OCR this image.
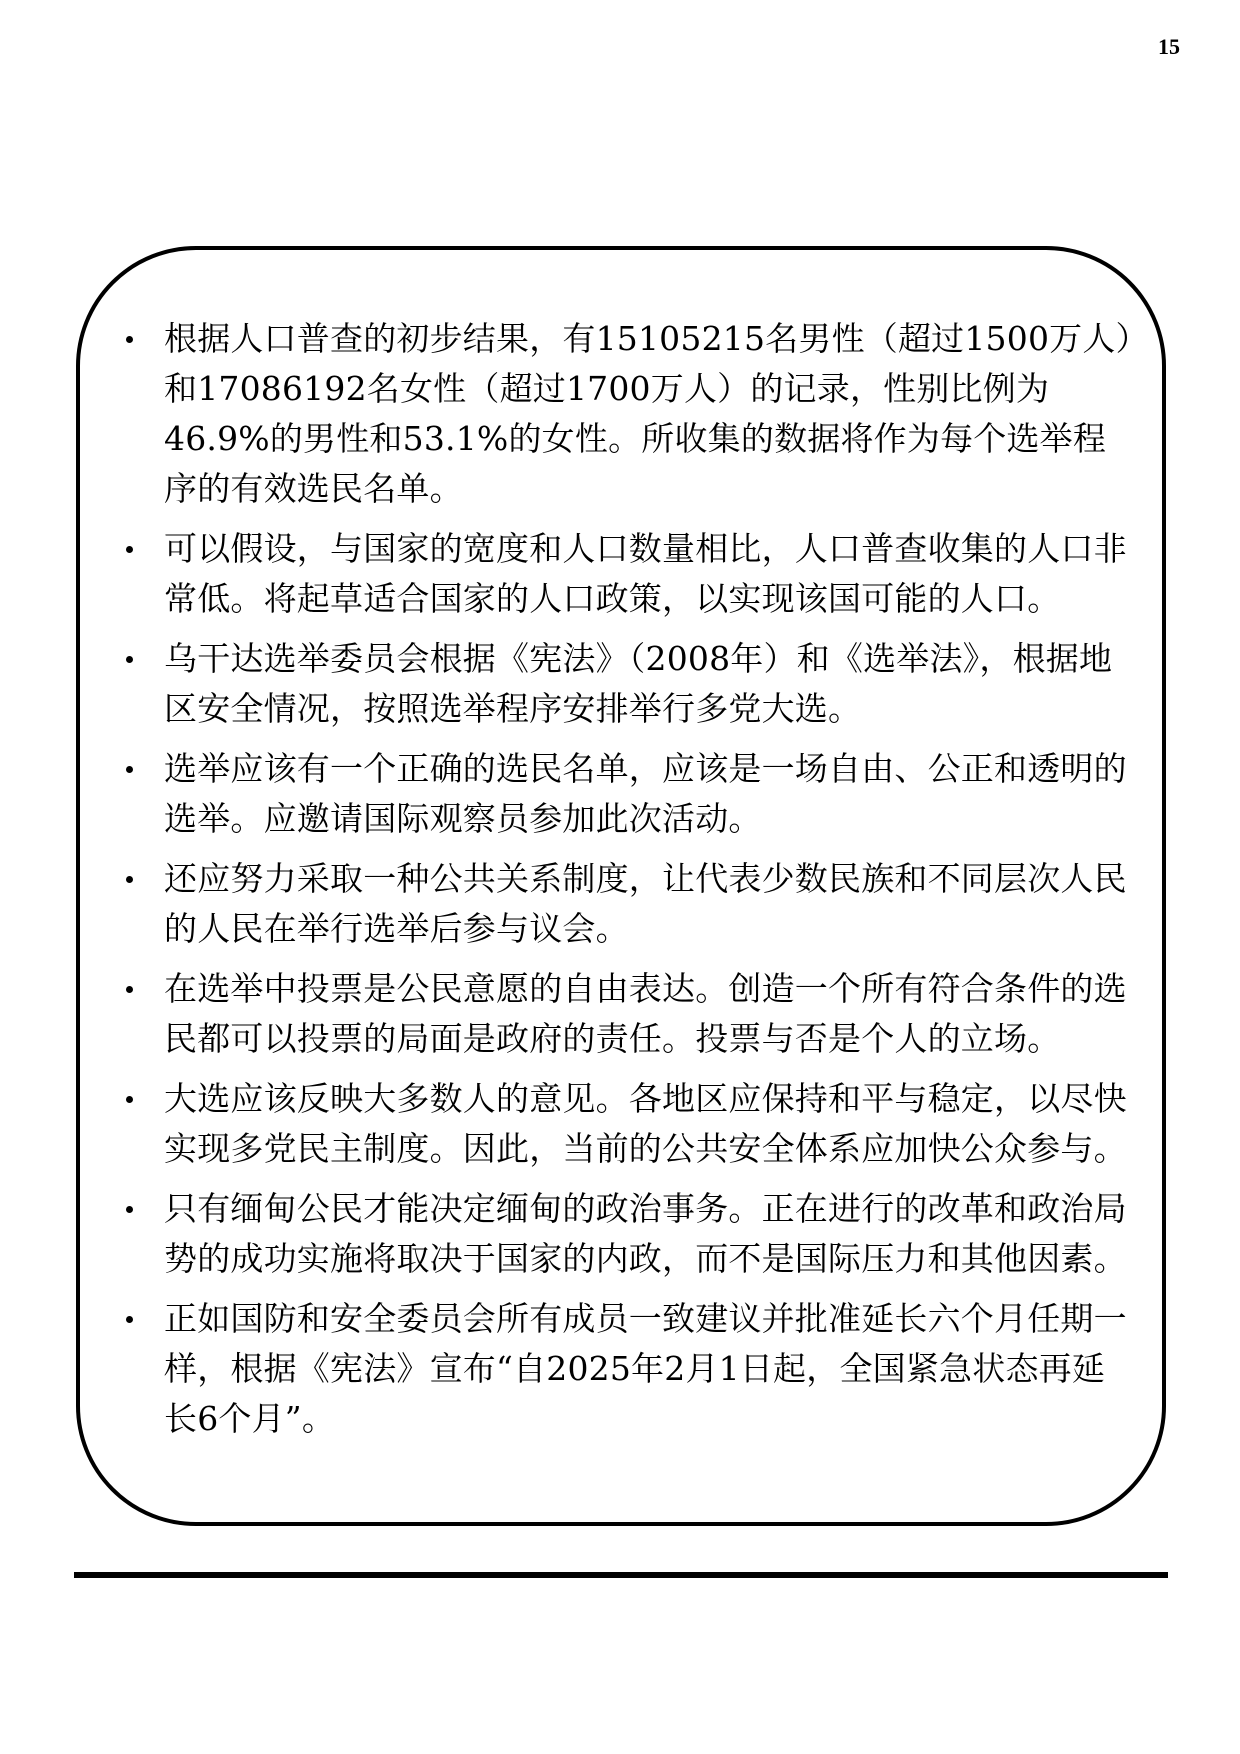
15
根据人口普查的初步结果，有15105215名男性（超过1500万人）和17086192名女性（超过1700万人）的记录，性别比例为46.9%的男性和53.1%的女性。所收集的数据将作为每个选举程序的有效选民名单。
可以假设，与国家的宽度和人口数量相比，人口普查收集的人口非常低。将起草适合国家的人口政策，以实现该国可能的人口。
乌干达选举委员会根据《宪法》（2008年）和《选举法》，根据地区安全情况，按照选举程序安排举行多党大选。
选举应该有一个正确的选民名单，应该是一场自由、公正和透明的选举。应邀请国际观察员参加此次活动。
还应努力采取一种公共关系制度，让代表少数民族和不同层次人民的人民在举行选举后参与议会。
在选举中投票是公民意愿的自由表达。创造一个所有符合条件的选民都可以投票的局面是政府的责任。投票与否是个人的立场。
大选应该反映大多数人的意见。各地区应保持和平与稳定，以尽快实现多党民主制度。因此，当前的公共安全体系应加快公众参与。
只有缅甸公民才能决定缅甸的政治事务。正在进行的改革和政治局势的成功实施将取决于国家的内政，而不是国际压力和其他因素。
正如国防和安全委员会所有成员一致建议并批准延长六个月任期一样，根据《宪法》宣布“自2025年2月1日起，全国紧急状态再延长6个月”。
